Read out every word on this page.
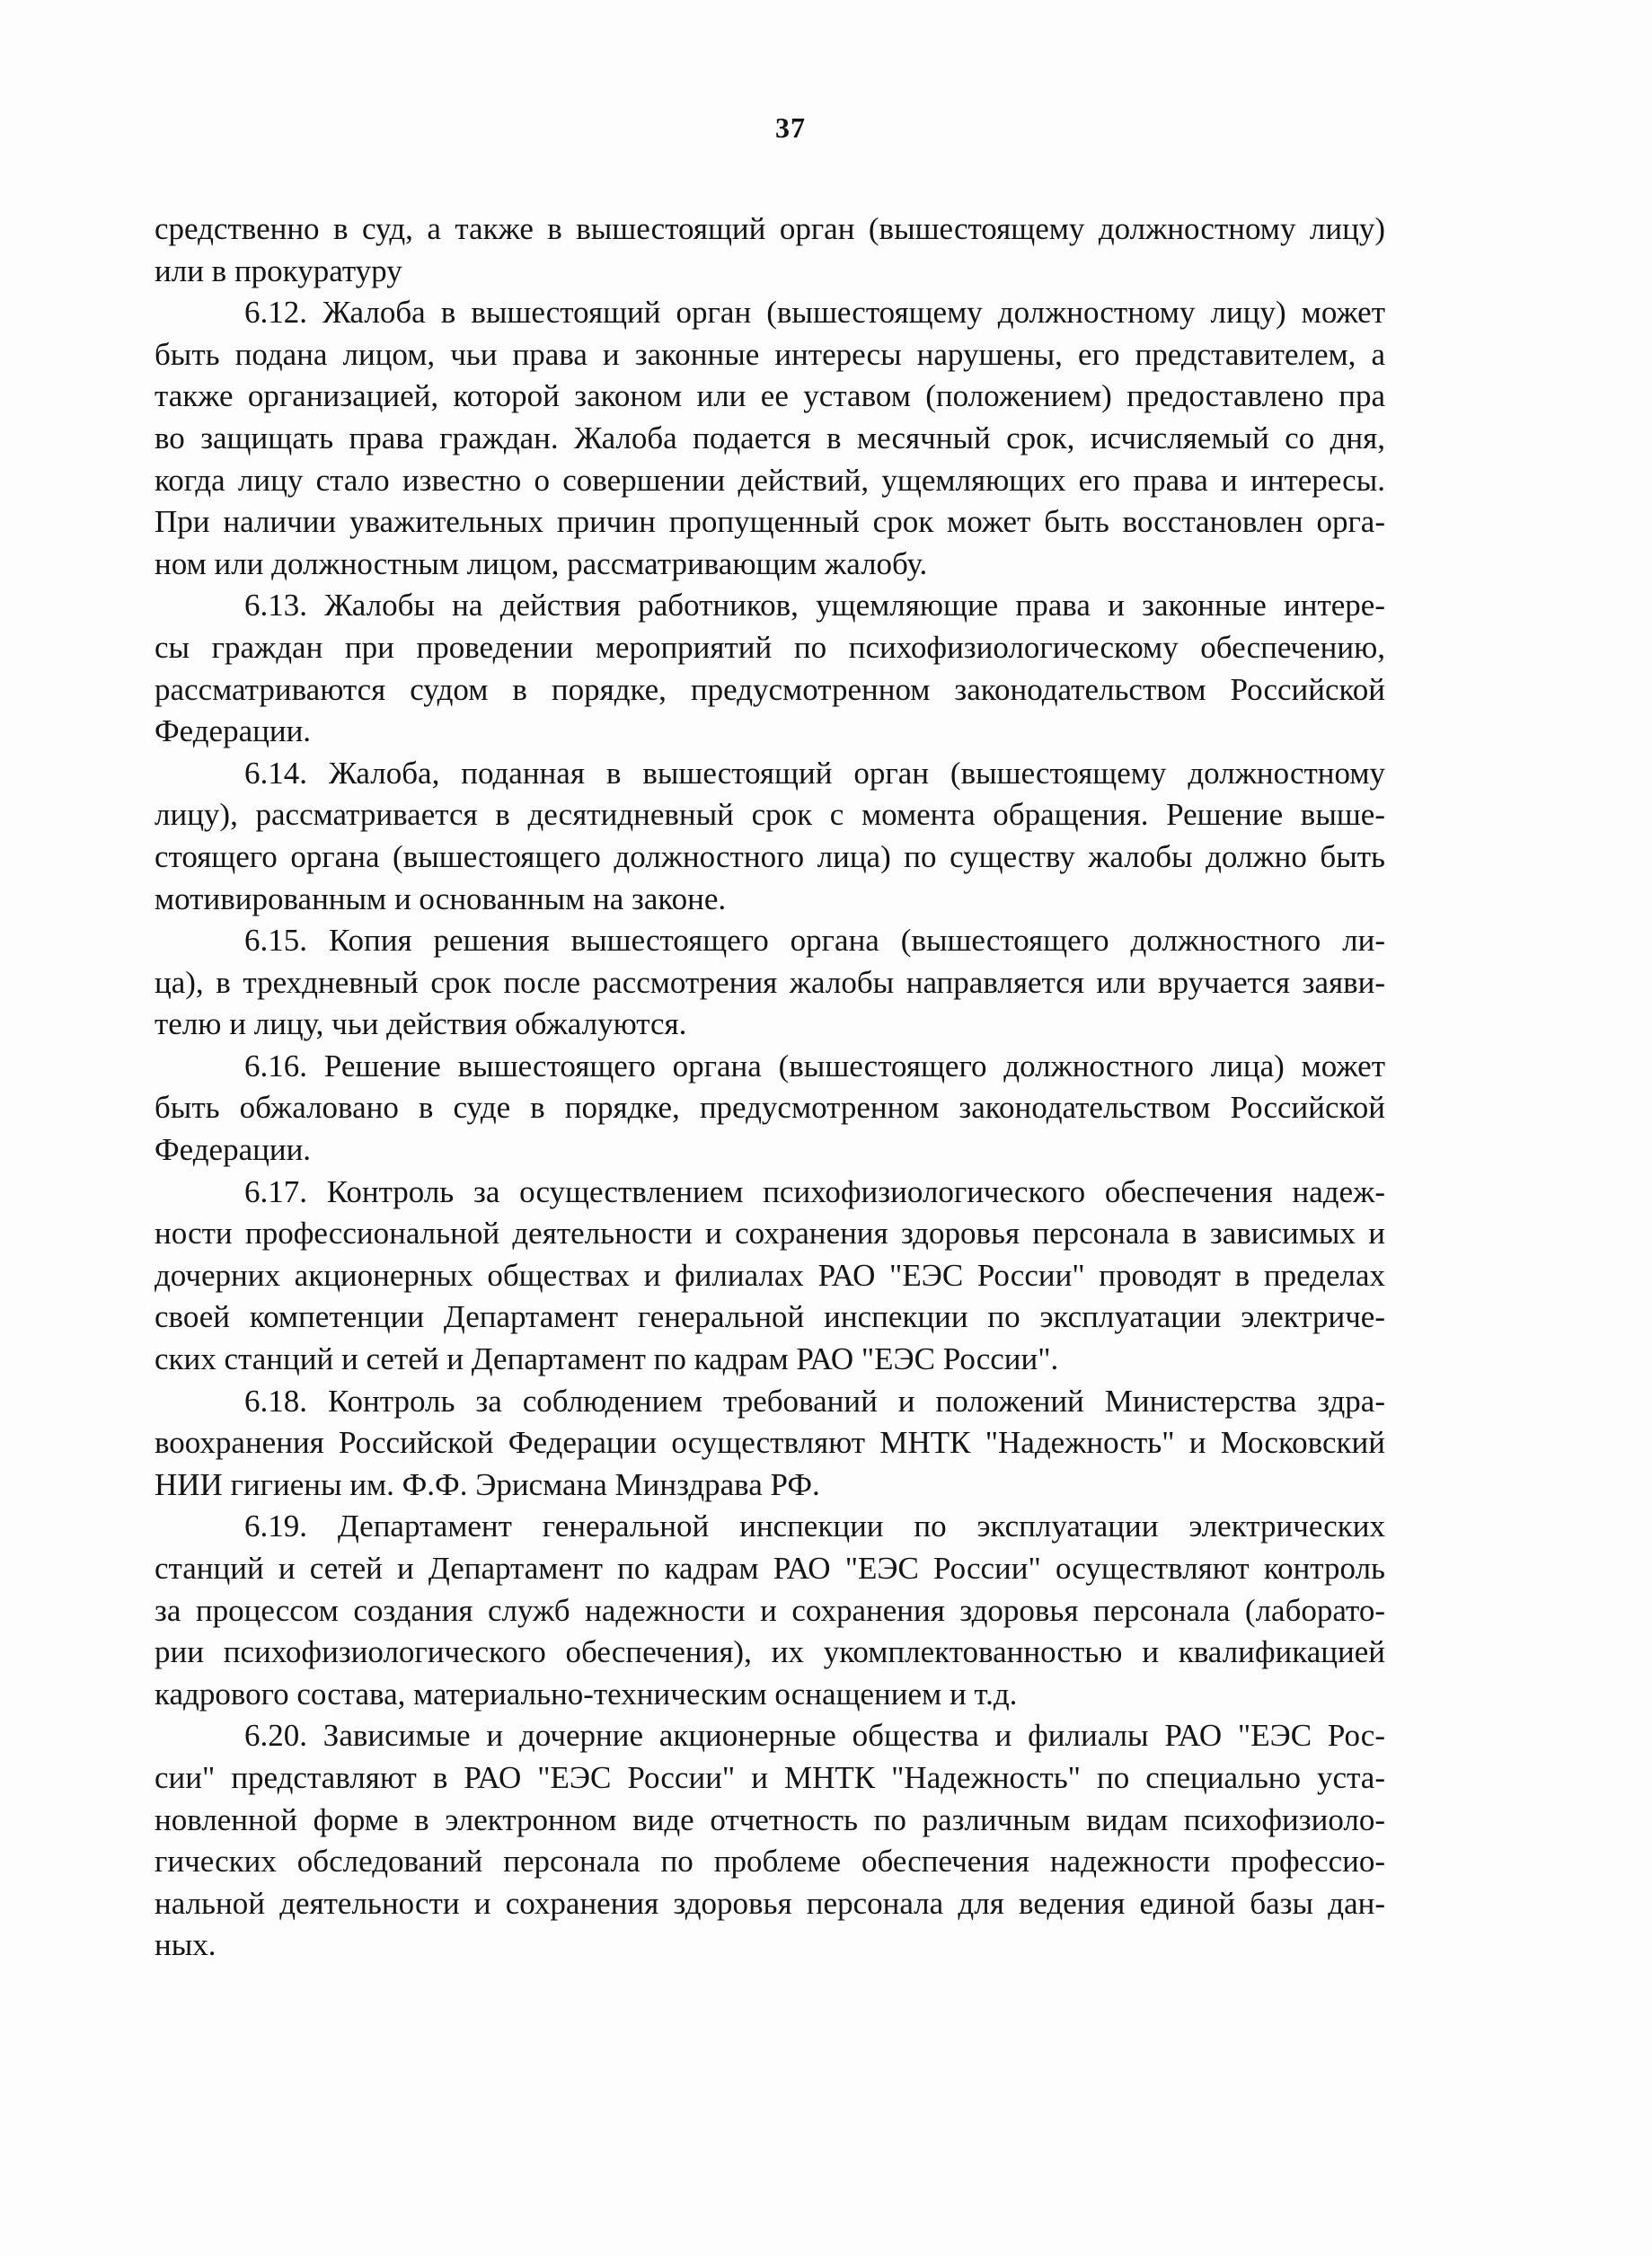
37
средственно в суд, а также в вышестоящий орган (вышестоящему должностному лицу)
или в прокуратуру
6.12. Жалоба в вышестоящий орган (вышестоящему должностному лицу) может
быть подана лицом, чьи права и законные интересы нарушены, его представителем, а
также организацией, которой законом или ее уставом (положением) предоставлено пра
во защищать права граждан. Жалоба подается в месячный срок, исчисляемый со дня,
когда лицу стало известно о совершении действий, ущемляющих его права и интересы.
При наличии уважительных причин пропущенный срок может быть восстановлен орга-
ном или должностным лицом, рассматривающим жалобу.
6.13. Жалобы на действия работников, ущемляющие права и законные интере-
сы граждан при проведении мероприятий по психофизиологическому обеспечению,
рассматриваются судом в порядке, предусмотренном законодательством Российской
Федерации.
6.14. Жалоба, поданная в вышестоящий орган (вышестоящему должностному
лицу), рассматривается в десятидневный срок с момента обращения. Решение выше-
стоящего органа (вышестоящего должностного лица) по существу жалобы должно быть
мотивированным и основанным на законе.
6.15. Копия решения вышестоящего органа (вышестоящего должностного ли-
ца), в трехдневный срок после рассмотрения жалобы направляется или вручается заяви-
телю и лицу, чьи действия обжалуются.
6.16. Решение вышестоящего органа (вышестоящего должностного лица) может
быть обжаловано в суде в порядке, предусмотренном законодательством Российской
Федерации.
6.17. Контроль за осуществлением психофизиологического обеспечения надеж-
ности профессиональной деятельности и сохранения здоровья персонала в зависимых и
дочерних акционерных обществах и филиалах РАО "ЕЭС России" проводят в пределах
своей компетенции Департамент генеральной инспекции по эксплуатации электриче-
ских станций и сетей и Департамент по кадрам РАО "ЕЭС России".
6.18. Контроль за соблюдением требований и положений Министерства здра-
воохранения Российской Федерации осуществляют МНТК "Надежность" и Московский
НИИ гигиены им. Ф.Ф. Эрисмана Минздрава РФ.
6.19. Департамент генеральной инспекции по эксплуатации электрических
станций и сетей и Департамент по кадрам РАО "ЕЭС России" осуществляют контроль
за процессом создания служб надежности и сохранения здоровья персонала (лаборато-
рии психофизиологического обеспечения), их укомплектованностью и квалификацией
кадрового состава, материально-техническим оснащением и т.д.
6.20. Зависимые и дочерние акционерные общества и филиалы РАО "ЕЭС Рос-
сии" представляют в РАО "ЕЭС России" и МНТК "Надежность" по специально уста-
новленной форме в электронном виде отчетность по различным видам психофизиоло-
гических обследований персонала по проблеме обеспечения надежности профессио-
нальной деятельности и сохранения здоровья персонала для ведения единой базы дан-
ных.
